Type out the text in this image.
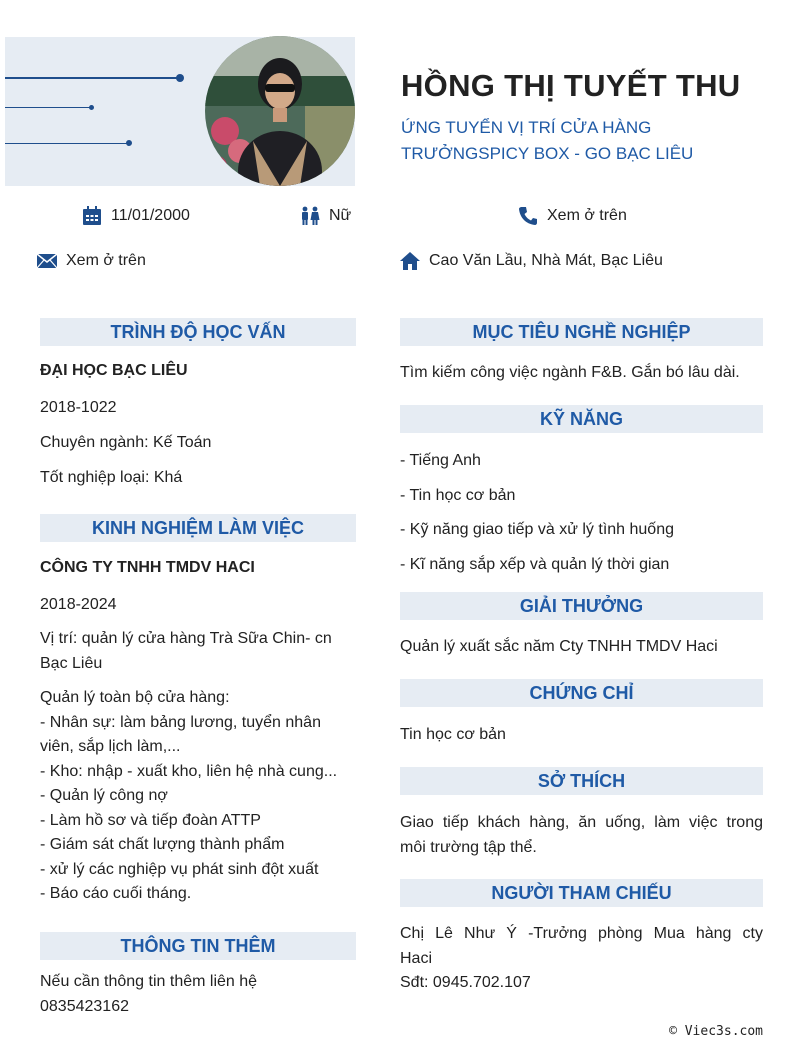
HỒNG THỊ TUYẾT THU
ỨNG TUYỂN VỊ TRÍ CỬA HÀNG
TRƯỞNGSPICY BOX - GO BẠC LIÊU
11/01/2000	Nữ	Xem ở trên
Xem ở trên	Cao Văn Lầu, Nhà Mát, Bạc Liêu
TRÌNH ĐỘ HỌC VẤN
ĐẠI HỌC BẠC LIÊU
2018-1022
Chuyên ngành: Kế Toán
Tốt nghiệp loại: Khá
KINH NGHIỆM LÀM VIỆC
CÔNG TY TNHH TMDV HACI
2018-2024
Vị trí: quản lý cửa hàng Trà Sữa Chin- cn
Bạc Liêu
Quản lý toàn bộ cửa hàng:
- Nhân sự: làm bảng lương, tuyển nhân
viên, sắp lịch làm,...
- Kho: nhập - xuất kho, liên hệ nhà cung...
- Quản lý công nợ
- Làm hồ sơ và tiếp đoàn ATTP
- Giám sát chất lượng thành phẩm
- xử lý các nghiệp vụ phát sinh đột xuất
- Báo cáo cuối tháng.
THÔNG TIN THÊM
Nếu cần thông tin thêm liên hệ
0835423162
MỤC TIÊU NGHỀ NGHIỆP
Tìm kiếm công việc ngành F&B. Gắn bó lâu dài.
KỸ NĂNG
- Tiếng Anh
- Tin học cơ bản
- Kỹ năng giao tiếp và xử lý tình huống
- Kĩ năng sắp xếp và quản lý thời gian
GIẢI THƯỞNG
Quản lý xuất sắc năm Cty TNHH TMDV Haci
CHỨNG CHỈ
Tin học cơ bản
SỞ THÍCH
Giao tiếp khách hàng, ăn uống, làm việc trong
môi trường tập thể.
NGƯỜI THAM CHIẾU
Chị Lê Như Ý -Trưởng phòng Mua hàng cty
Haci
Sđt: 0945.702.107
© Viec3s.com
